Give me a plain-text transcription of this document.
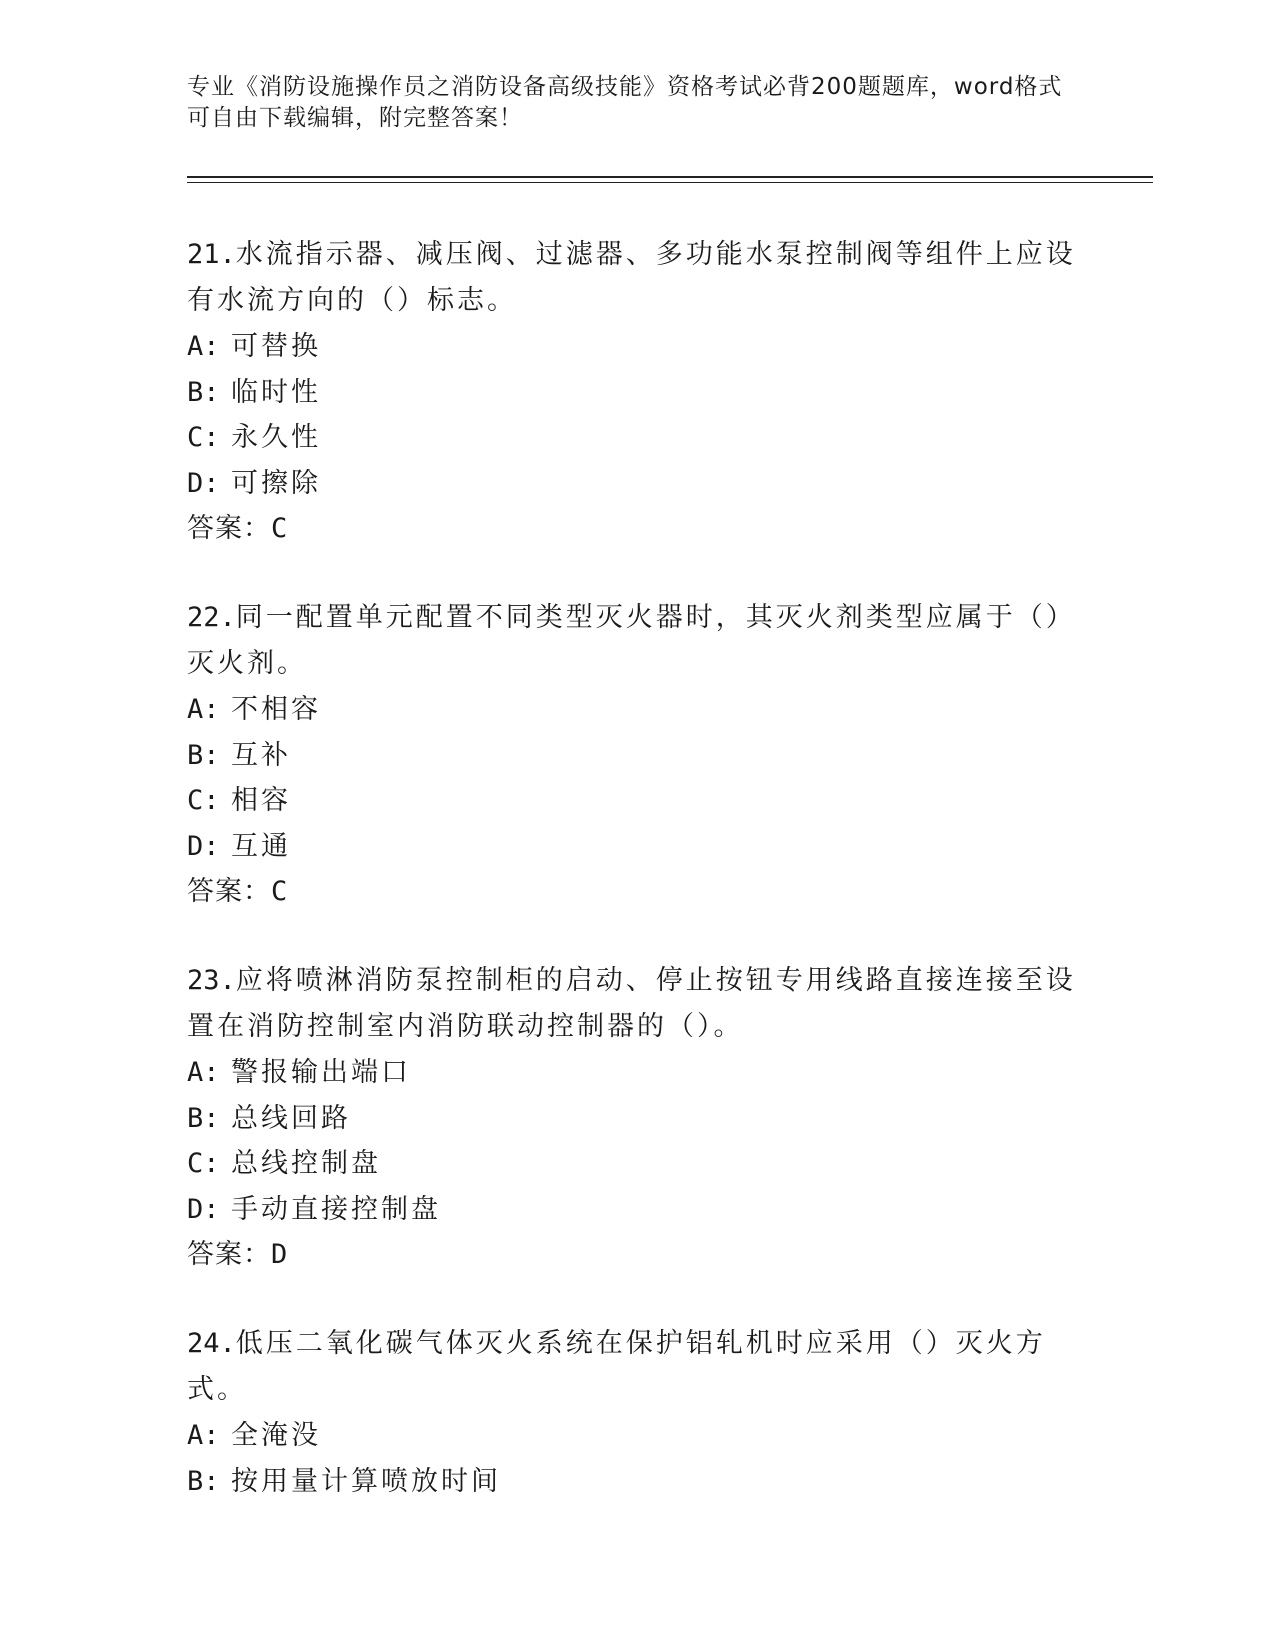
专业《消防设施操作员之消防设备高级技能》资格考试必背200题题库，word格式可自由下载编辑，附完整答案！

21.水流指示器、减压阀、过滤器、多功能水泵控制阀等组件上应设有水流方向的（）标志。

A: 可替换
B: 临时性
C: 永久性
D: 可擦除
答案：C

22.同一配置单元配置不同类型灭火器时，其灭火剂类型应属于（）灭火剂。

A: 不相容
B: 互补
C: 相容
D: 互通
答案：C

23.应将喷淋消防泵控制柜的启动、停止按钮专用线路直接连接至设置在消防控制室内消防联动控制器的（）。

A: 警报输出端口
B: 总线回路
C: 总线控制盘
D: 手动直接控制盘
答案：D

24.低压二氧化碳气体灭火系统在保护铝轧机时应采用（）灭火方式。

A: 全淹没
B: 按用量计算喷放时间
